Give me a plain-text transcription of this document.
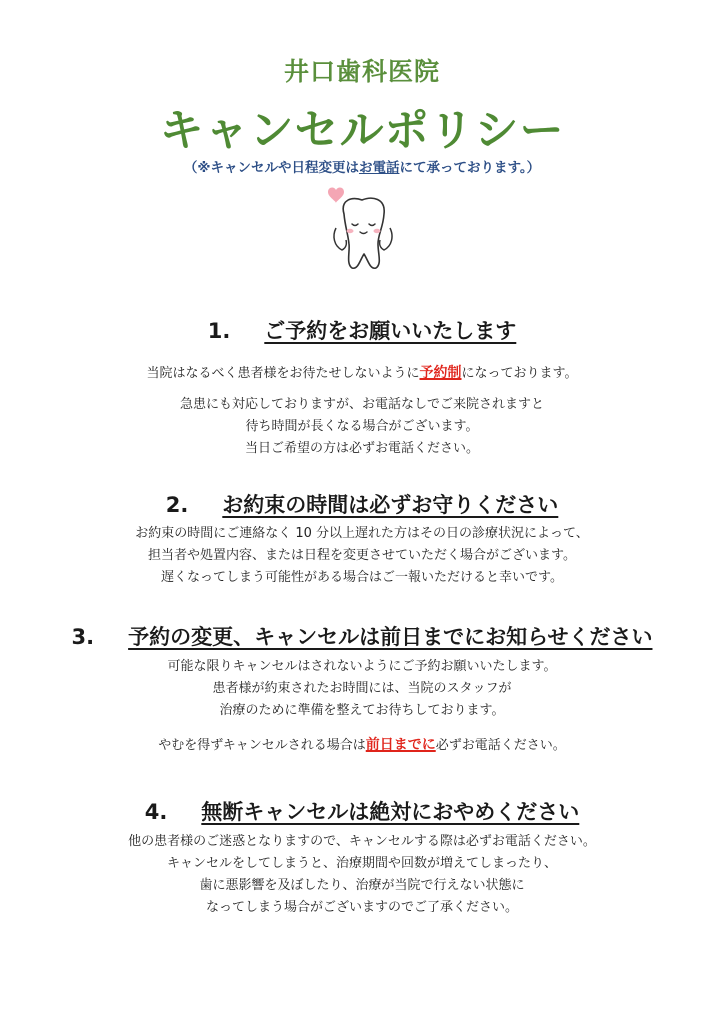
井口歯科医院
キャンセルポリシー
（※キャンセルや日程変更はお電話にて承っております。）
1. ご予約をお願いいたします

当院はなるべく患者様をお待たせしないように予約制になっております。

急患にも対応しておりますが、お電話なしでご来院されますと

待ち時間が長くなる場合がございます。

当日ご希望の方は必ずお電話ください。

2. お約束の時間は必ずお守りください

お約束の時間にご連絡なく 10 分以上遅れた方はその日の診療状況によって、

担当者や処置内容、または日程を変更させていただく場合がございます。

遅くなってしまう可能性がある場合はご一報いただけると幸いです。

3. 予約の変更、キャンセルは前日までにお知らせください

可能な限りキャンセルはされないようにご予約お願いいたします。

患者様が約束されたお時間には、当院のスタッフが

治療のために準備を整えてお待ちしております。

やむを得ずキャンセルされる場合は前日までに必ずお電話ください。

4. 無断キャンセルは絶対におやめください

他の患者様のご迷惑となりますので、キャンセルする際は必ずお電話ください。

キャンセルをしてしまうと、治療期間や回数が増えてしまったり、

歯に悪影響を及ぼしたり、治療が当院で行えない状態に

なってしまう場合がございますのでご了承ください。
